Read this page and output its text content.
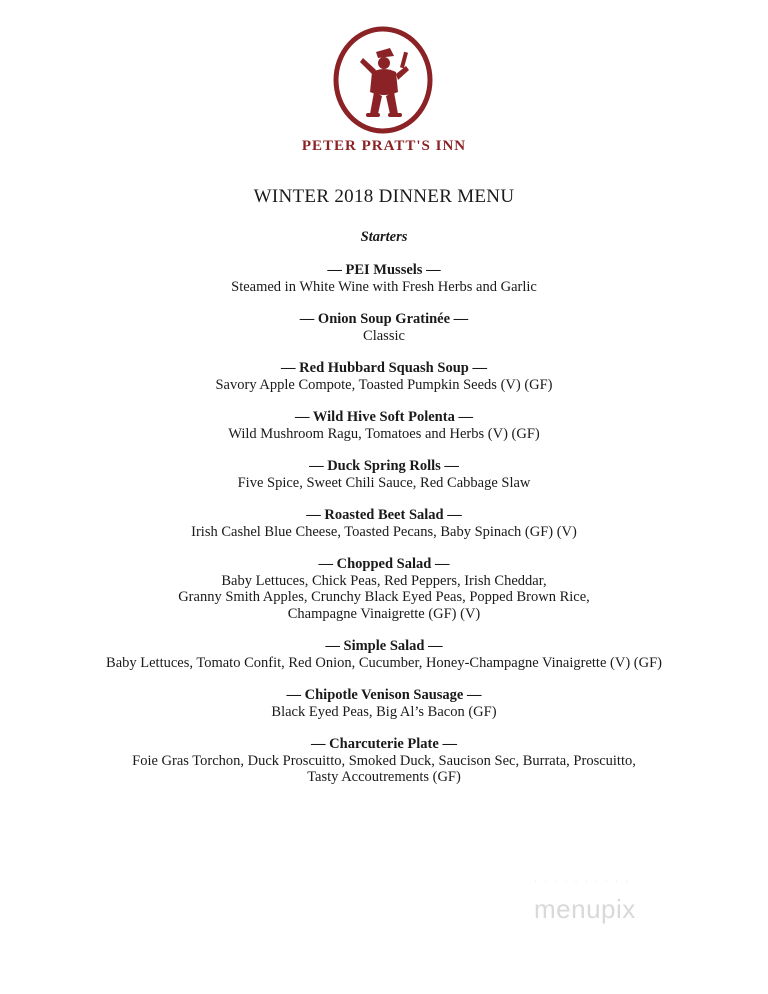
PETER PRATT'S INN
WINTER 2018 DINNER MENU
Starters
— PEI Mussels —
Steamed in White Wine with Fresh Herbs and Garlic
— Onion Soup Gratinée —
Classic
— Red Hubbard Squash Soup —
Savory Apple Compote, Toasted Pumpkin Seeds (V) (GF)
— Wild Hive Soft Polenta —
Wild Mushroom Ragu, Tomatoes and Herbs (V) (GF)
— Duck Spring Rolls —
Five Spice, Sweet Chili Sauce, Red Cabbage Slaw
— Roasted Beet Salad —
Irish Cashel Blue Cheese, Toasted Pecans, Baby Spinach (GF) (V)
— Chopped Salad —
Baby Lettuces, Chick Peas, Red Peppers, Irish Cheddar,
Granny Smith Apples, Crunchy Black Eyed Peas, Popped Brown Rice,
Champagne Vinaigrette (GF) (V)
— Simple Salad —
Baby Lettuces, Tomato Confit, Red Onion, Cucumber, Honey-Champagne Vinaigrette (V) (GF)
— Chipotle Venison Sausage —
Black Eyed Peas, Big Al’s Bacon (GF)
— Charcuterie Plate —
Foie Gras Torchon, Duck Proscuitto, Smoked Duck, Saucison Sec, Burrata, Proscuitto,
Tasty Accoutrements (GF)
· · · · · · · · · ·
menupix
